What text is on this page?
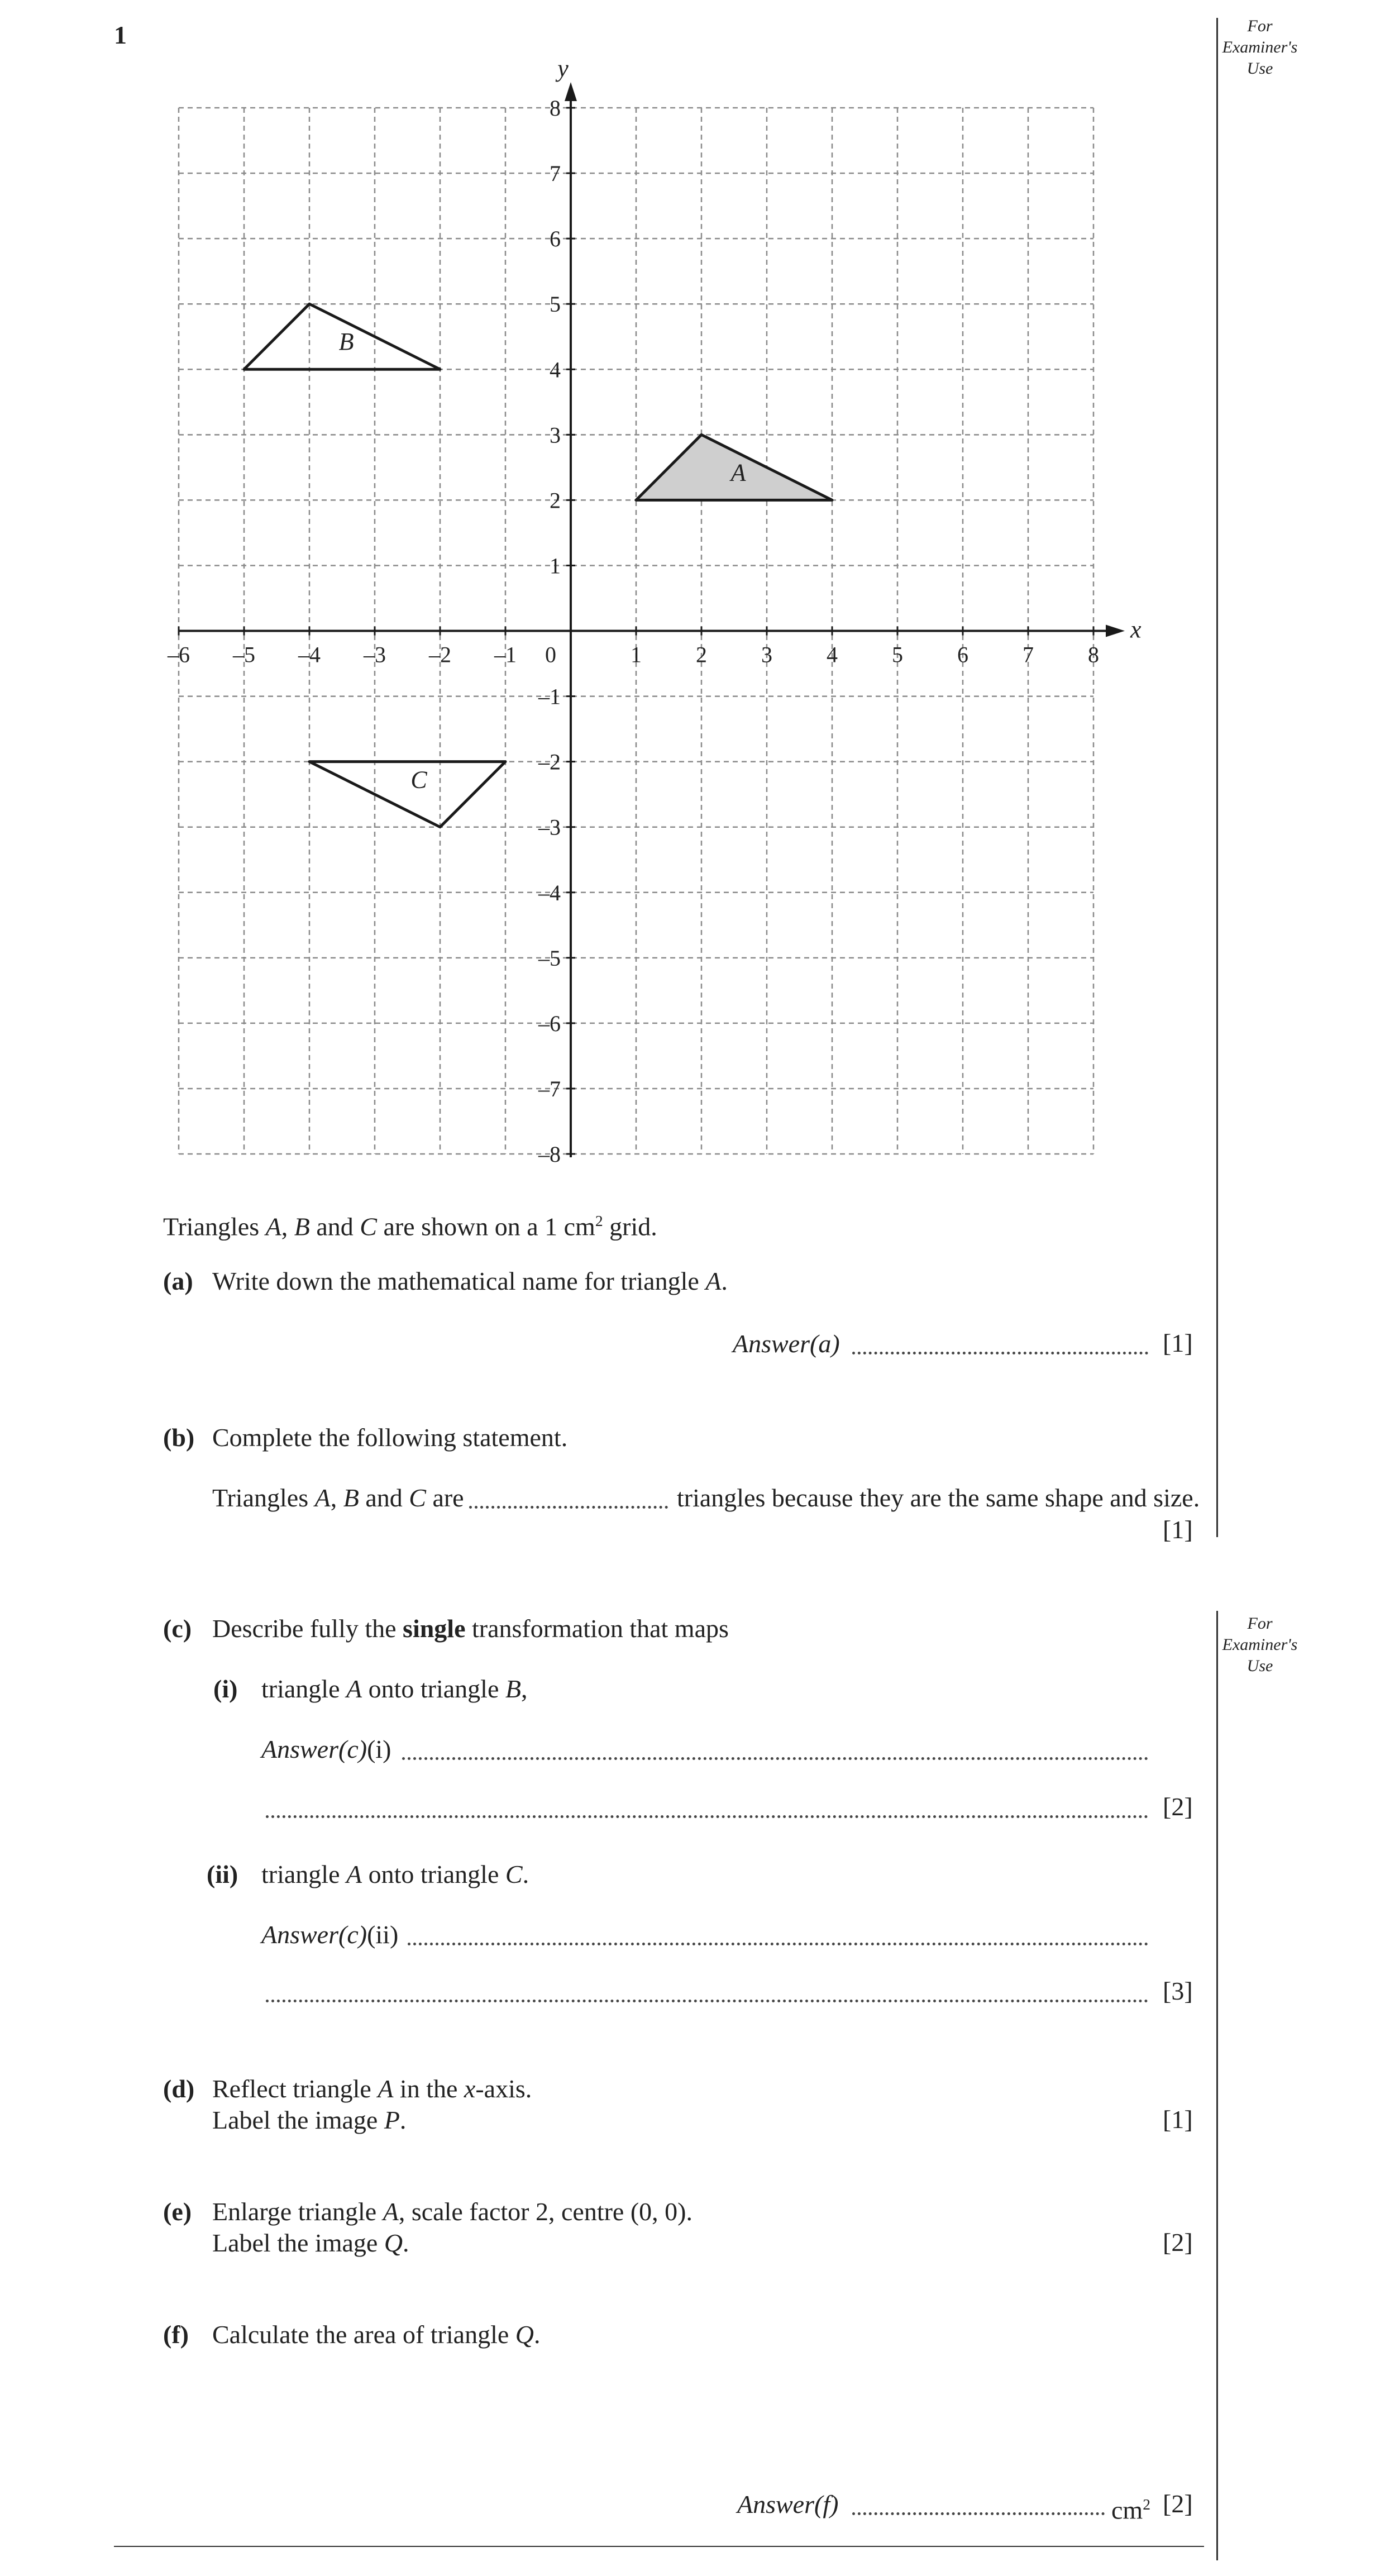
1	For
Examiner's
Use
For
Examiner's
Use
A
B
C
x
y
0
–6 –5 –4 –3 –2 –1	1 2 3 4 5 6 7 8
8
7
6
5
4
3
2
1
–1
–2
–3
–4
–5
–6
–7
–8
Triangles A, B and C are shown on a 1 $cm^2$ grid.
(a) Write down the mathematical name for triangle A.
Answer(a)	[1]
(b) Complete the following statement.
Triangles A, B and C are	triangles because they are the same shape and size.
[1]
(c) Describe fully the single transformation that maps
(i) triangle A onto triangle B,
Answer(c)(i)
[2]
(ii) triangle A onto triangle C.
Answer(c)(ii)
[3]
(d) Reflect triangle A in the x-axis.
Label the image P.	[1]
(e) Enlarge triangle A, scale factor 2, centre (0, 0).
Label the image Q.	[2]
(f) Calculate the area of triangle Q.
Answer(f)	$cm^2$ [2]
